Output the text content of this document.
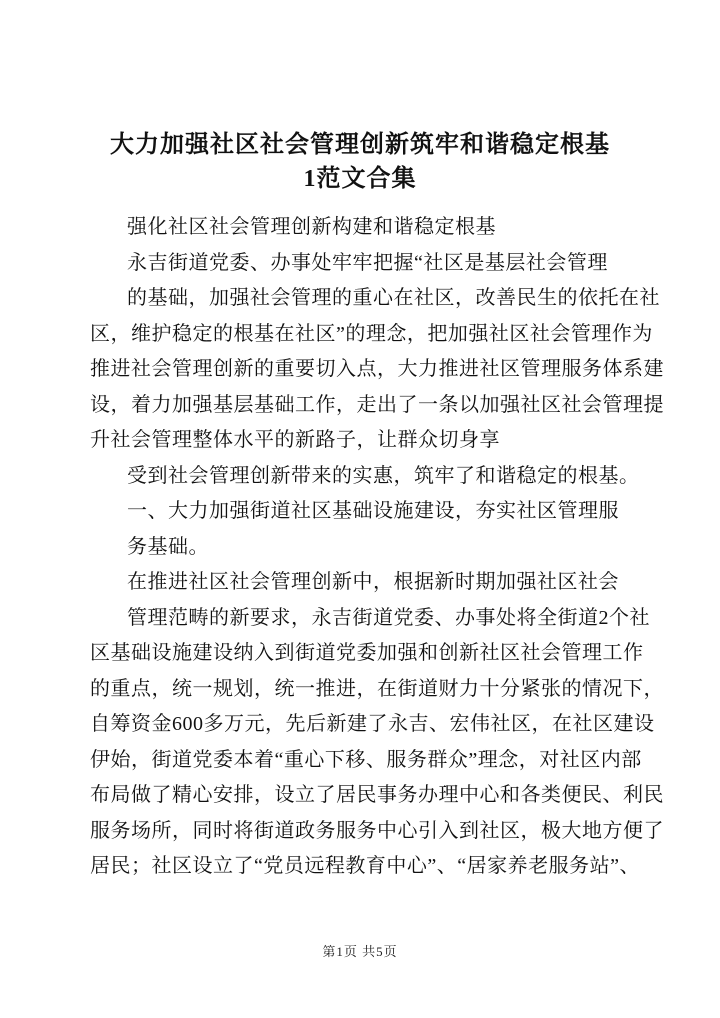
大力加强社区社会管理创新筑牢和谐稳定根基
1范文合集
强化社区社会管理创新构建和谐稳定根基
永吉街道党委、办事处牢牢把握“社区是基层社会管理
的基础，加强社会管理的重心在社区，改善民生的依托在社
区，维护稳定的根基在社区”的理念，把加强社区社会管理作为
推进社会管理创新的重要切入点，大力推进社区管理服务体系建
设，着力加强基层基础工作，走出了一条以加强社区社会管理提
升社会管理整体水平的新路子，让群众切身享
受到社会管理创新带来的实惠，筑牢了和谐稳定的根基。
一、大力加强街道社区基础设施建设，夯实社区管理服
务基础。
在推进社区社会管理创新中，根据新时期加强社区社会
管理范畴的新要求，永吉街道党委、办事处将全街道2个社
区基础设施建设纳入到街道党委加强和创新社区社会管理工作
的重点，统一规划，统一推进，在街道财力十分紧张的情况下，
自筹资金600多万元，先后新建了永吉、宏伟社区，在社区建设
伊始，街道党委本着“重心下移、服务群众”理念，对社区内部
布局做了精心安排，设立了居民事务办理中心和各类便民、利民
服务场所，同时将街道政务服务中心引入到社区，极大地方便了
居民；社区设立了“党员远程教育中心”、“居家养老服务站”、
第1页 共5页
